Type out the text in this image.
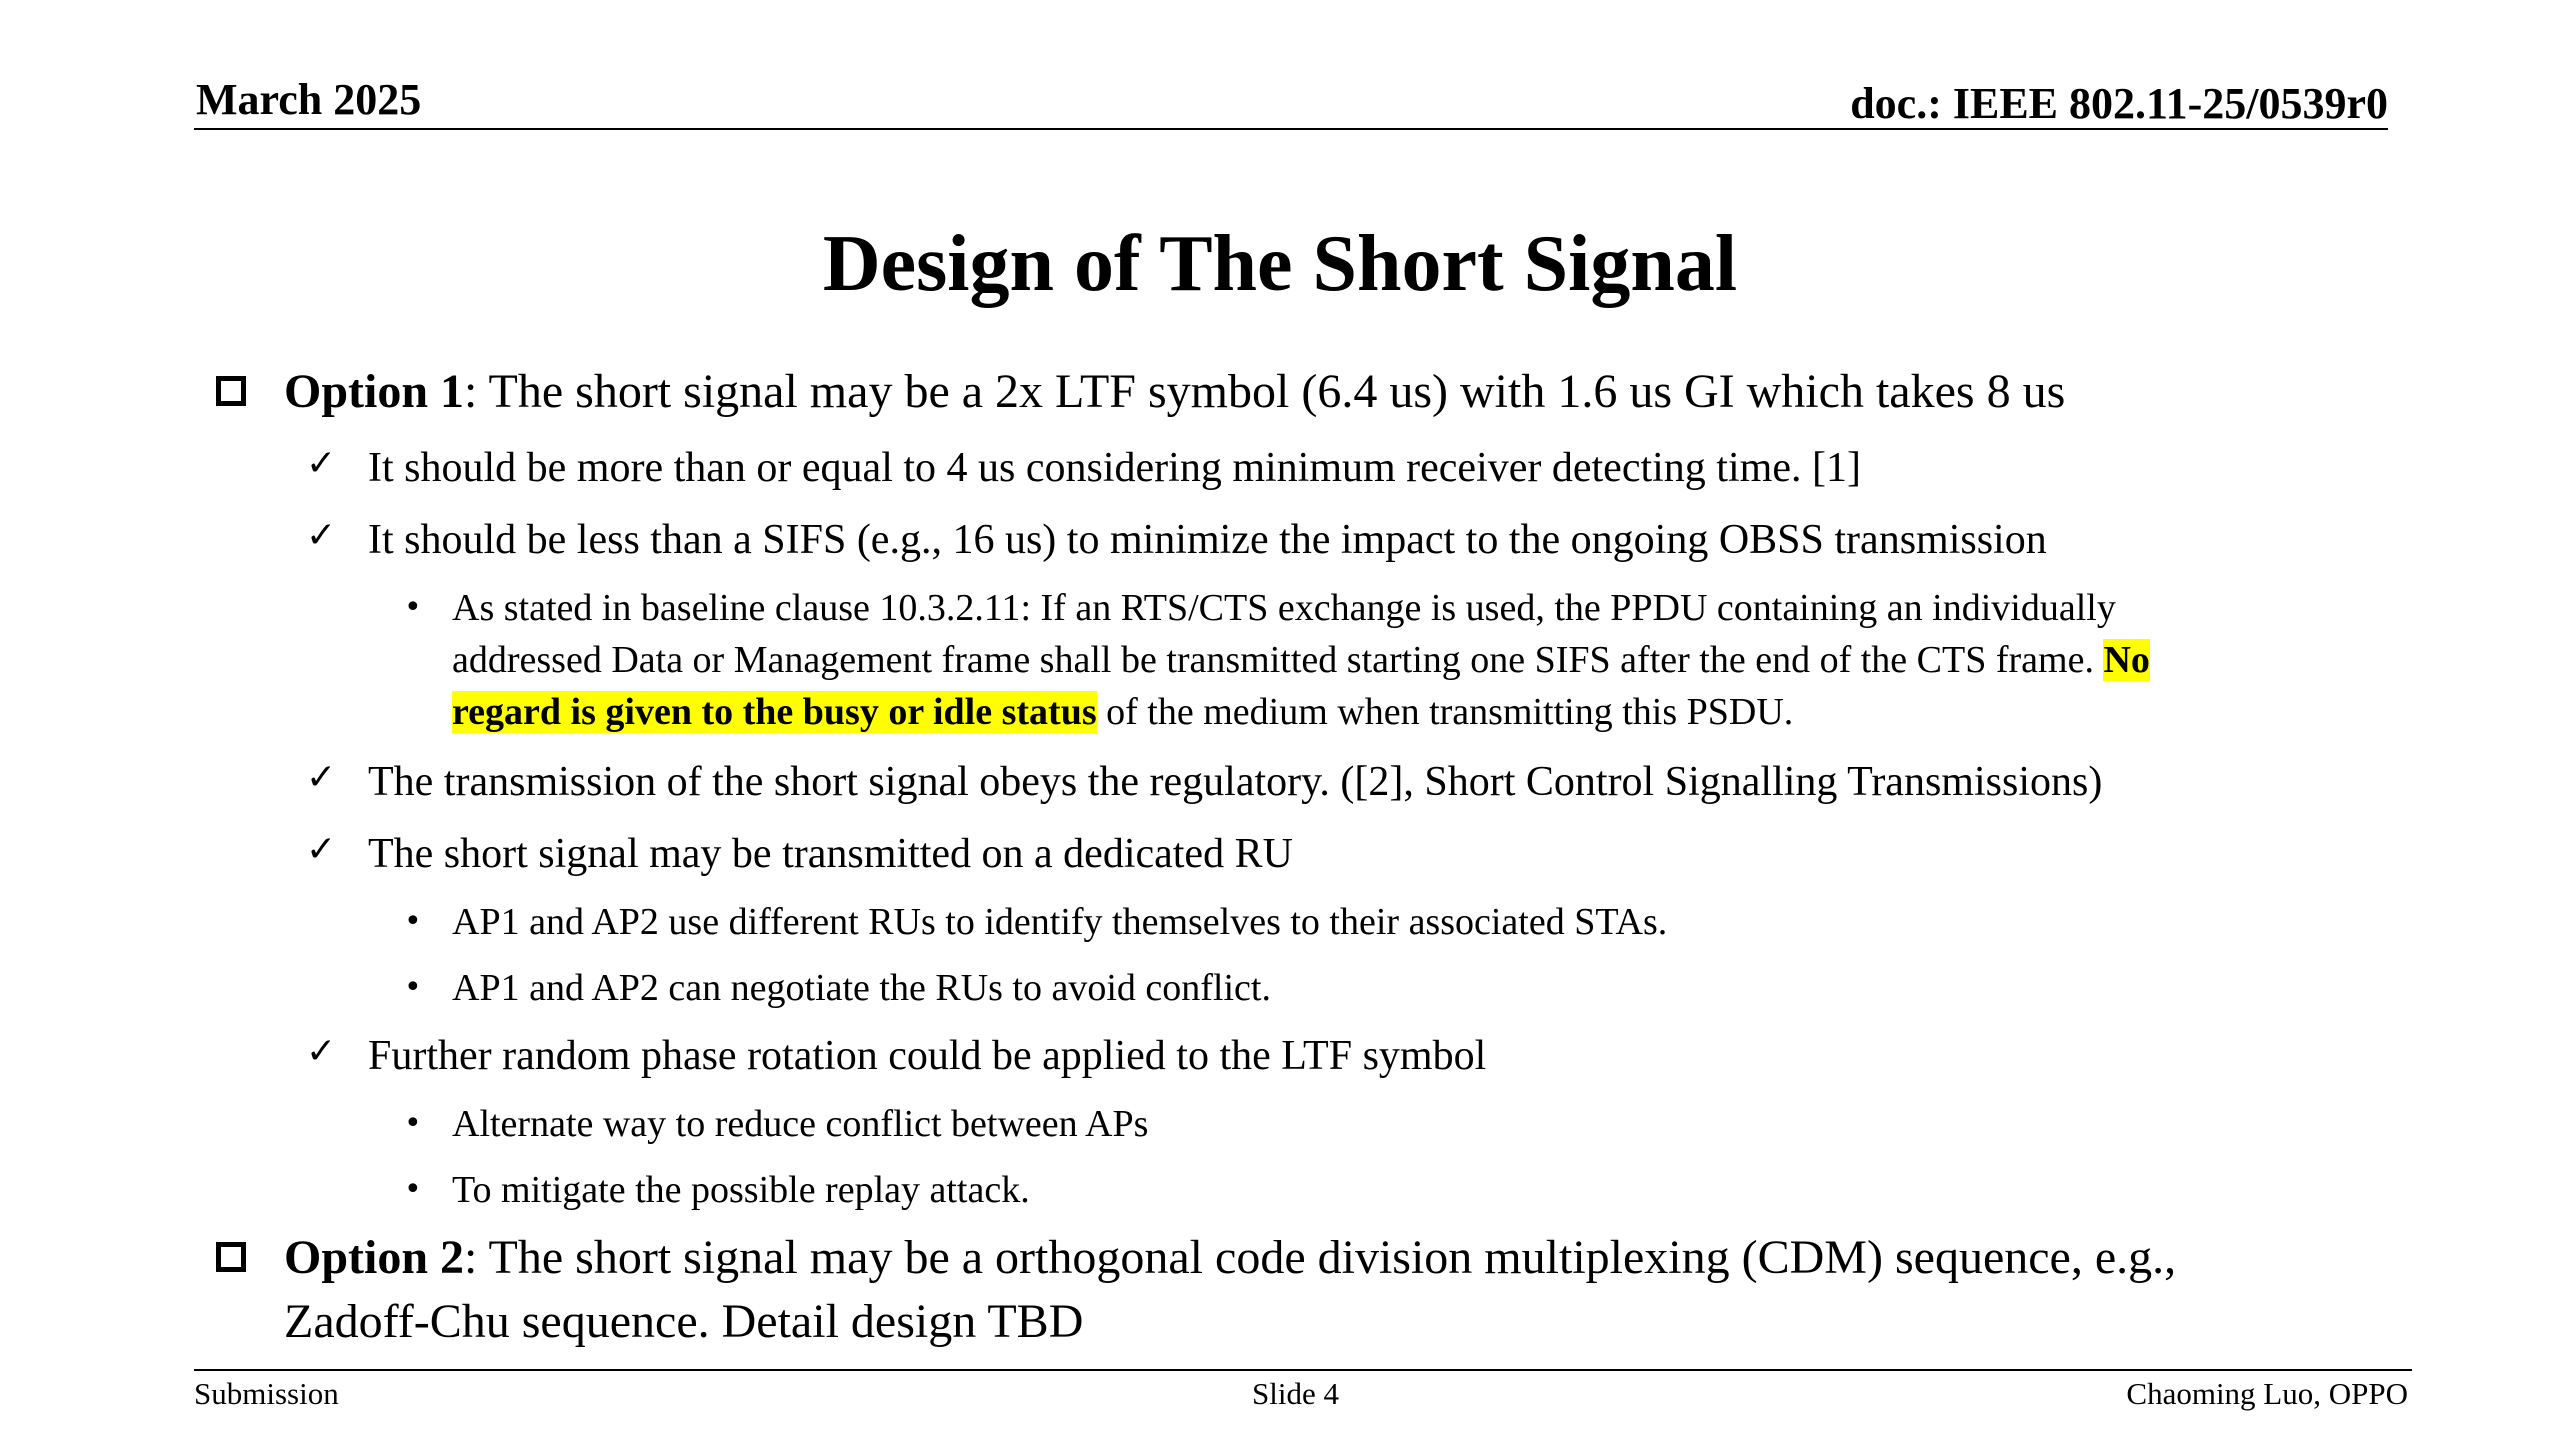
March 2025	doc.: IEEE 802.11-25/0539r0
Design of The Short Signal
Option 1: The short signal may be a 2x LTF symbol (6.4 us) with 1.6 us GI which takes 8 us
✓ It should be more than or equal to 4 us considering minimum receiver detecting time. [1]
✓ It should be less than a SIFS (e.g., 16 us) to minimize the impact to the ongoing OBSS transmission
• As stated in baseline clause 10.3.2.11: If an RTS/CTS exchange is used, the PPDU containing an individually
addressed Data or Management frame shall be transmitted starting one SIFS after the end of the CTS frame. No
regard is given to the busy or idle status of the medium when transmitting this PSDU.
✓ The transmission of the short signal obeys the regulatory. ([2], Short Control Signalling Transmissions)
✓ The short signal may be transmitted on a dedicated RU
• AP1 and AP2 use different RUs to identify themselves to their associated STAs.
• AP1 and AP2 can negotiate the RUs to avoid conflict.
✓ Further random phase rotation could be applied to the LTF symbol
• Alternate way to reduce conflict between APs
• To mitigate the possible replay attack.
Option 2: The short signal may be a orthogonal code division multiplexing (CDM) sequence, e.g.,
Zadoff-Chu sequence. Detail design TBD
Submission	Slide 4	Chaoming Luo, OPPO
